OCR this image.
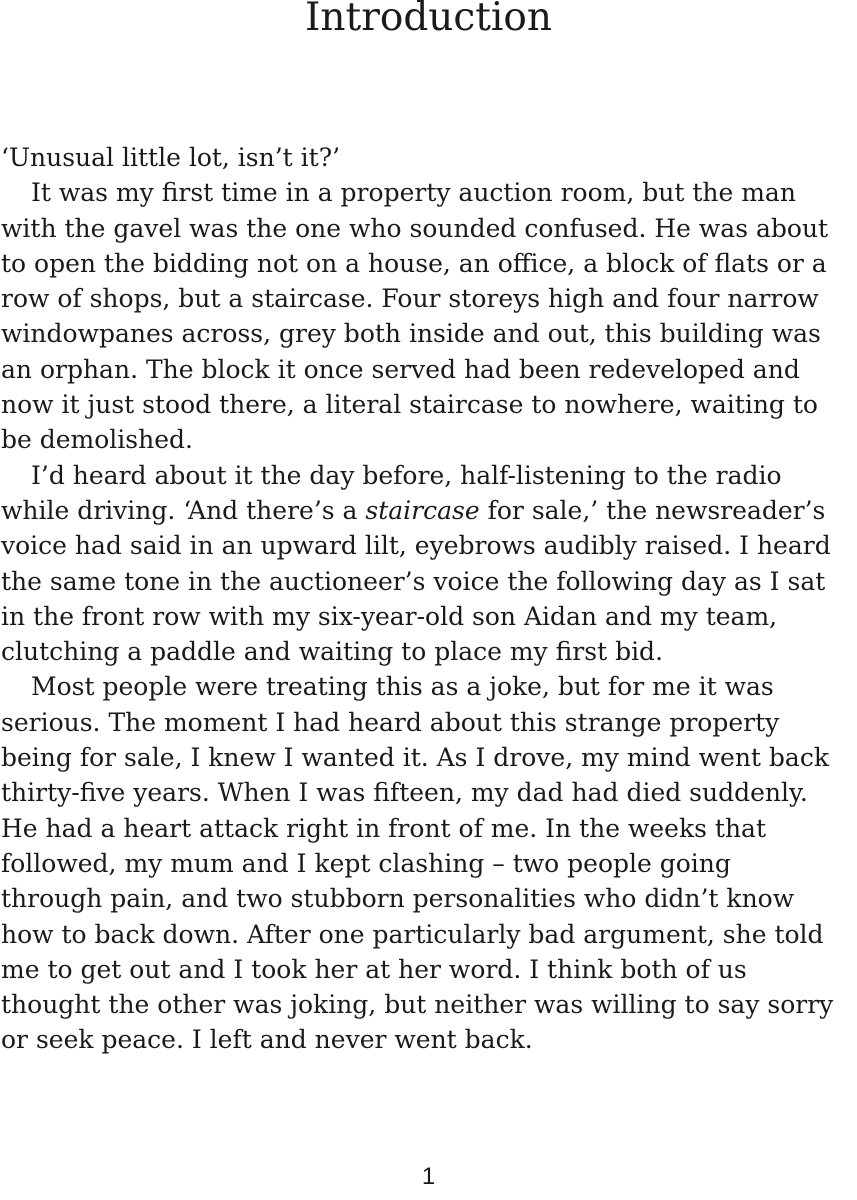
Introduction
‘Unusual little lot, isn’t it?’
It was my first time in a property auction room, but the man
with the gavel was the one who sounded confused. He was about
to open the bidding not on a house, an office, a block of flats or a
row of shops, but a staircase. Four storeys high and four narrow
windowpanes across, grey both inside and out, this building was
an orphan. The block it once served had been redeveloped and
now it just stood there, a literal staircase to nowhere, waiting to
be demolished.
I’d heard about it the day before, half-listening to the radio
while driving. ‘And there’s a staircase for sale,’ the newsreader’s
voice had said in an upward lilt, eyebrows audibly raised. I heard
the same tone in the auctioneer’s voice the following day as I sat
in the front row with my six-year-old son Aidan and my team,
clutching a paddle and waiting to place my first bid.
Most people were treating this as a joke, but for me it was
serious. The moment I had heard about this strange property
being for sale, I knew I wanted it. As I drove, my mind went back
thirty-five years. When I was fifteen, my dad had died suddenly.
He had a heart attack right in front of me. In the weeks that
followed, my mum and I kept clashing – two people going
through pain, and two stubborn personalities who didn’t know
how to back down. After one particularly bad argument, she told
me to get out and I took her at her word. I think both of us
thought the other was joking, but neither was willing to say sorry
or seek peace. I left and never went back.
1
